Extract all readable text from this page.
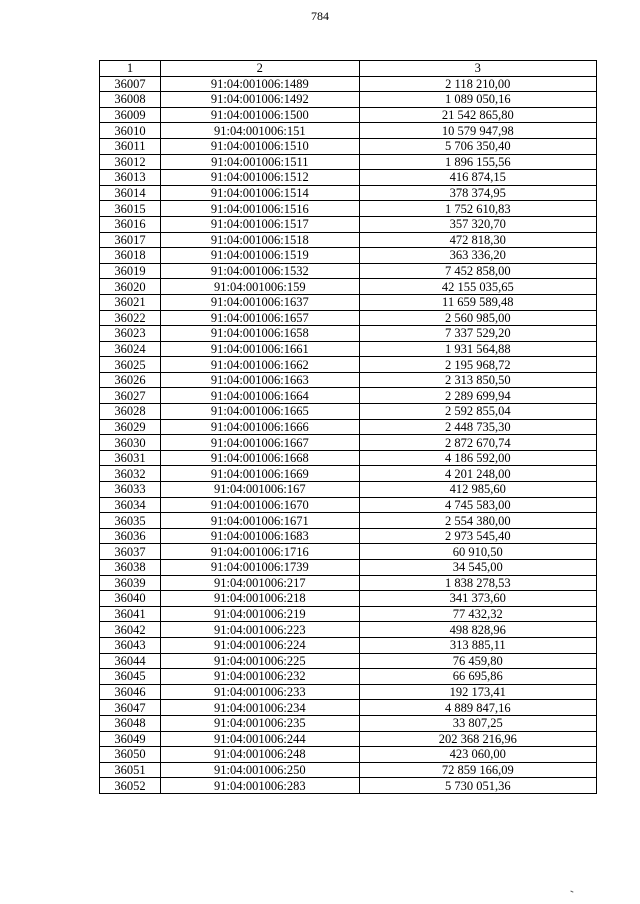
784
1	2	3
36007	91:04:001006:1489	2 118 210,00
36008	91:04:001006:1492	1 089 050,16
36009	91:04:001006:1500	21 542 865,80
36010	91:04:001006:151	10 579 947,98
36011	91:04:001006:1510	5 706 350,40
36012	91:04:001006:1511	1 896 155,56
36013	91:04:001006:1512	416 874,15
36014	91:04:001006:1514	378 374,95
36015	91:04:001006:1516	1 752 610,83
36016	91:04:001006:1517	357 320,70
36017	91:04:001006:1518	472 818,30
36018	91:04:001006:1519	363 336,20
36019	91:04:001006:1532	7 452 858,00
36020	91:04:001006:159	42 155 035,65
36021	91:04:001006:1637	11 659 589,48
36022	91:04:001006:1657	2 560 985,00
36023	91:04:001006:1658	7 337 529,20
36024	91:04:001006:1661	1 931 564,88
36025	91:04:001006:1662	2 195 968,72
36026	91:04:001006:1663	2 313 850,50
36027	91:04:001006:1664	2 289 699,94
36028	91:04:001006:1665	2 592 855,04
36029	91:04:001006:1666	2 448 735,30
36030	91:04:001006:1667	2 872 670,74
36031	91:04:001006:1668	4 186 592,00
36032	91:04:001006:1669	4 201 248,00
36033	91:04:001006:167	412 985,60
36034	91:04:001006:1670	4 745 583,00
36035	91:04:001006:1671	2 554 380,00
36036	91:04:001006:1683	2 973 545,40
36037	91:04:001006:1716	60 910,50
36038	91:04:001006:1739	34 545,00
36039	91:04:001006:217	1 838 278,53
36040	91:04:001006:218	341 373,60
36041	91:04:001006:219	77 432,32
36042	91:04:001006:223	498 828,96
36043	91:04:001006:224	313 885,11
36044	91:04:001006:225	76 459,80
36045	91:04:001006:232	66 695,86
36046	91:04:001006:233	192 173,41
36047	91:04:001006:234	4 889 847,16
36048	91:04:001006:235	33 807,25
36049	91:04:001006:244	202 368 216,96
36050	91:04:001006:248	423 060,00
36051	91:04:001006:250	72 859 166,09
36052	91:04:001006:283	5 730 051,36
